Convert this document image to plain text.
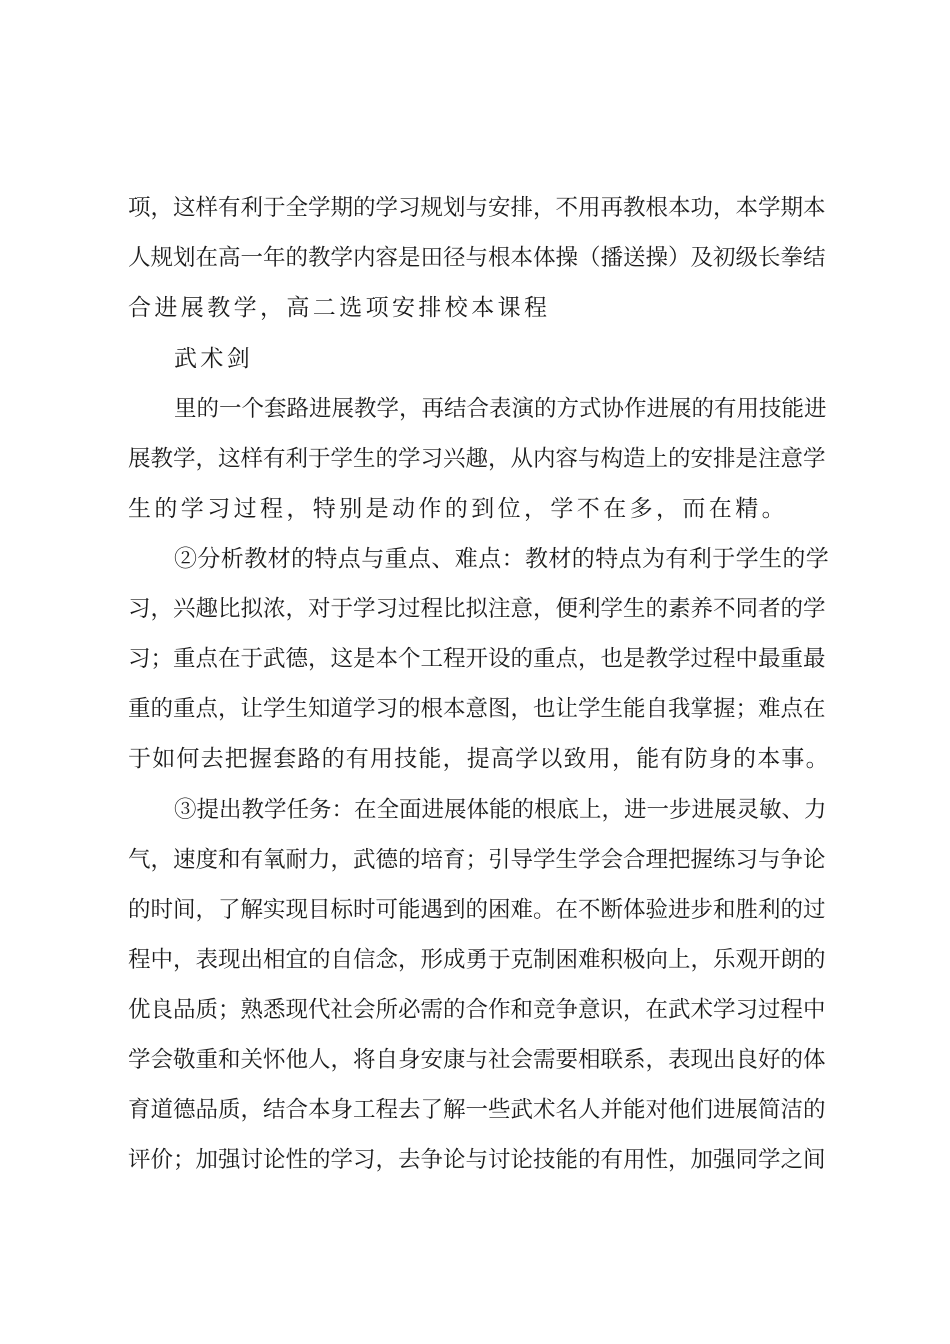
项，这样有利于全学期的学习规划与安排，不用再教根本功，本学期本
人规划在高一年的教学内容是田径与根本体操（播送操）及初级长拳结
合进展教学，高二选项安排校本课程
武术剑
里的一个套路进展教学，再结合表演的方式协作进展的有用技能进
展教学，这样有利于学生的学习兴趣，从内容与构造上的安排是注意学
生的学习过程，特别是动作的到位，学不在多，而在精。
②分析教材的特点与重点、难点：教材的特点为有利于学生的学
习，兴趣比拟浓，对于学习过程比拟注意，便利学生的素养不同者的学
习；重点在于武德，这是本个工程开设的重点，也是教学过程中最重最
重的重点，让学生知道学习的根本意图，也让学生能自我掌握；难点在
于如何去把握套路的有用技能，提高学以致用，能有防身的本事。
③提出教学任务：在全面进展体能的根底上，进一步进展灵敏、力
气，速度和有氧耐力，武德的培育；引导学生学会合理把握练习与争论
的时间，了解实现目标时可能遇到的困难。在不断体验进步和胜利的过
程中，表现出相宜的自信念，形成勇于克制困难积极向上，乐观开朗的
优良品质；熟悉现代社会所必需的合作和竞争意识，在武术学习过程中
学会敬重和关怀他人，将自身安康与社会需要相联系，表现出良好的体
育道德品质，结合本身工程去了解一些武术名人并能对他们进展简洁的
评价；加强讨论性的学习，去争论与讨论技能的有用性，加强同学之间
